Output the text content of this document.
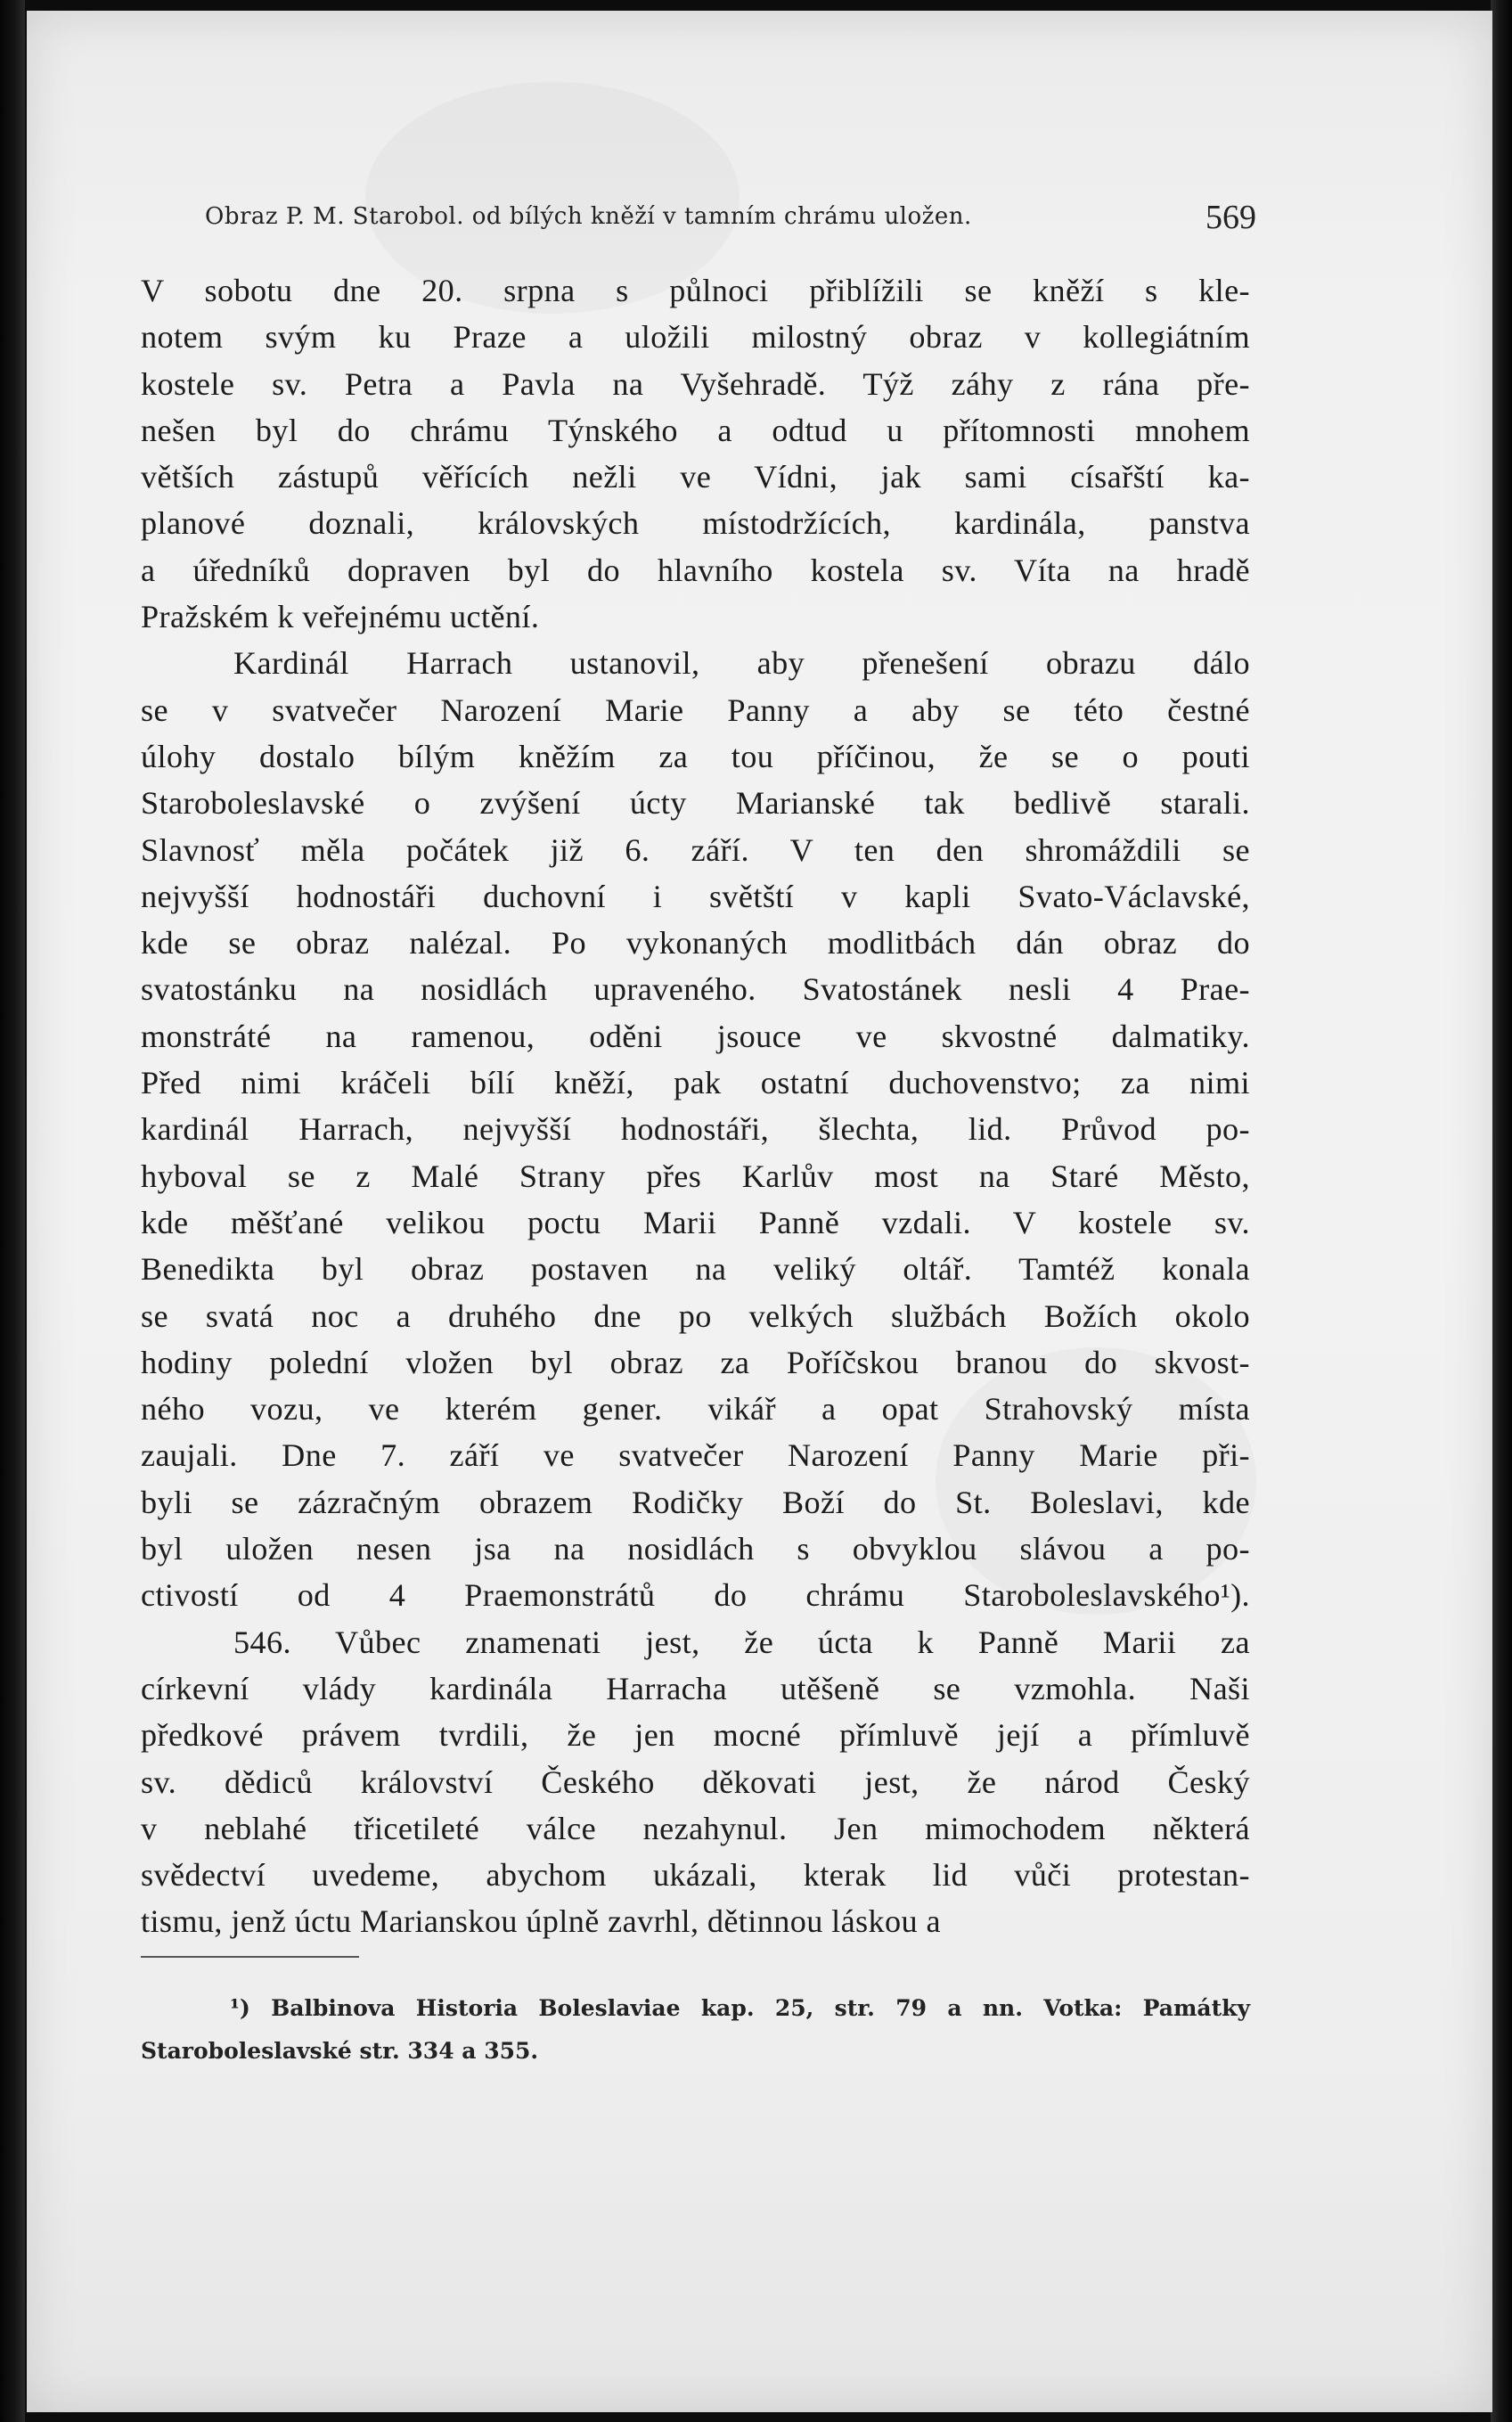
Obraz P. M. Starobol. od bílých kněží v tamním chrámu uložen.	569
V sobotu dne 20. srpna s půlnoci přiblížili se kněží s kle-
notem svým ku Praze a uložili milostný obraz v kollegiátním
kostele sv. Petra a Pavla na Vyšehradě. Týž záhy z rána pře-
nešen byl do chrámu Týnského a odtud u přítomnosti mnohem
větších zástupů věřících nežli ve Vídni, jak sami císařští ka-
planové doznali, královských místodržících, kardinála, panstva
a úředníků dopraven byl do hlavního kostela sv. Víta na hradě
Pražském k veřejnému uctění.
Kardinál Harrach ustanovil, aby přenešení obrazu dálo
se v svatvečer Narození Marie Panny a aby se této čestné
úlohy dostalo bílým kněžím za tou příčinou, že se o pouti
Staroboleslavské o zvýšení úcty Marianské tak bedlivě starali.
Slavnosť měla počátek již 6. září. V ten den shromáždili se
nejvyšší hodnostáři duchovní i světští v kapli Svato-Václavské,
kde se obraz nalézal. Po vykonaných modlitbách dán obraz do
svatostánku na nosidlách upraveného. Svatostánek nesli 4 Prae-
monstráté na ramenou, oděni jsouce ve skvostné dalmatiky.
Před nimi kráčeli bílí kněží, pak ostatní duchovenstvo; za nimi
kardinál Harrach, nejvyšší hodnostáři, šlechta, lid. Průvod po-
hyboval se z Malé Strany přes Karlův most na Staré Město,
kde měšťané velikou poctu Marii Panně vzdali. V kostele sv.
Benedikta byl obraz postaven na veliký oltář. Tamtéž konala
se svatá noc a druhého dne po velkých službách Božích okolo
hodiny polední vložen byl obraz za Poříčskou branou do skvost-
ného vozu, ve kterém gener. vikář a opat Strahovský místa
zaujali. Dne 7. září ve svatvečer Narození Panny Marie při-
byli se zázračným obrazem Rodičky Boží do St. Boleslavi, kde
byl uložen nesen jsa na nosidlách s obvyklou slávou a po-
ctivostí od 4 Praemonstrátů do chrámu Staroboleslavského¹).
546. Vůbec znamenati jest, že úcta k Panně Marii za
církevní vlády kardinála Harracha utěšeně se vzmohla. Naši
předkové právem tvrdili, že jen mocné přímluvě její a přímluvě
sv. dědiců království Českého děkovati jest, že národ Český
v neblahé třicetileté válce nezahynul. Jen mimochodem některá
svědectví uvedeme, abychom ukázali, kterak lid vůči protestan-
tismu, jenž úctu Marianskou úplně zavrhl, dětinnou láskou a
¹) Balbinova Historia Boleslaviae kap. 25, str. 79 a nn. Votka: Památky
Staroboleslavské str. 334 a 355.
